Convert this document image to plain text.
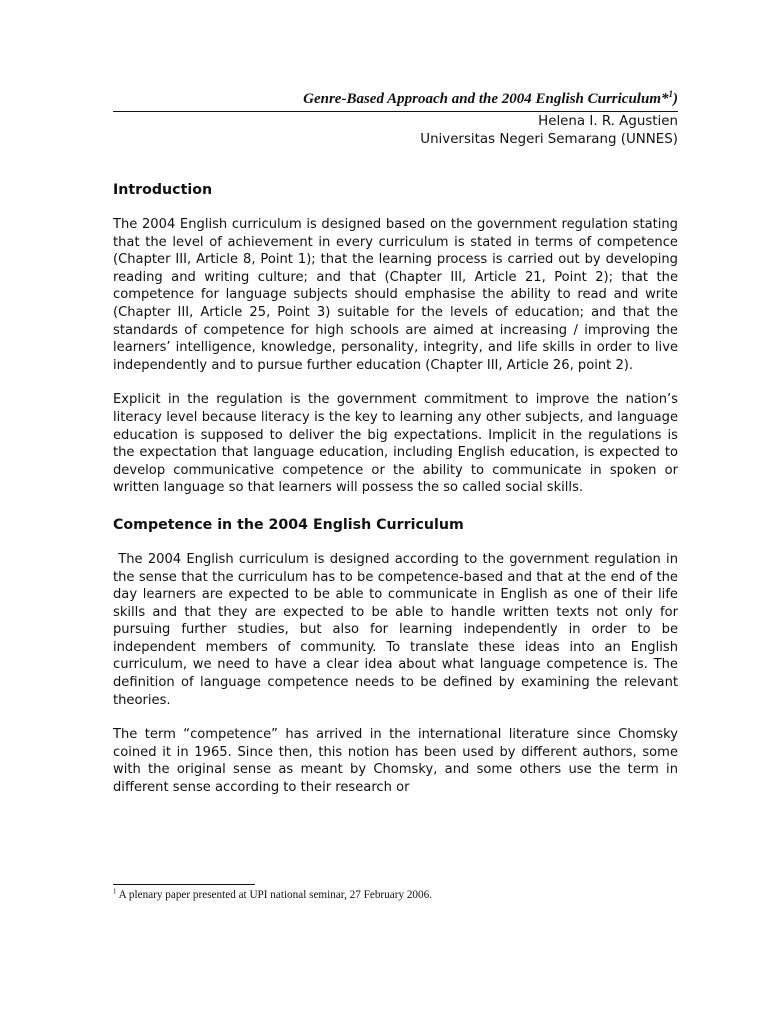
Genre-Based Approach and the 2004 English Curriculum*$^1$)
Helena I. R. Agustien
Universitas Negeri Semarang (UNNES)
Introduction

The 2004 English curriculum is designed based on the government regulation stating that the level of achievement in every curriculum is stated in terms of competence (Chapter III, Article 8, Point 1); that the learning process is carried out by developing reading and writing culture; and that (Chapter III, Article 21, Point 2); that the competence for language subjects should emphasise the ability to read and write (Chapter III, Article 25, Point 3) suitable for the levels of education; and that the standards of competence for high schools are aimed at increasing / improving the learners’ intelligence, knowledge, personality, integrity, and life skills in order to live independently and to pursue further education (Chapter III, Article 26, point 2).

Explicit in the regulation is the government commitment to improve the nation’s literacy level because literacy is the key to learning any other subjects, and language education is supposed to deliver the big expectations. Implicit in the regulations is the expectation that language education, including English education, is expected to develop communicative competence or the ability to communicate in spoken or written language so that learners will possess the so called social skills.

Competence in the 2004 English Curriculum

The 2004 English curriculum is designed according to the government regulation in the sense that the curriculum has to be competence-based and that at the end of the day learners are expected to be able to communicate in English as one of their life skills and that they are expected to be able to handle written texts not only for pursuing further studies, but also for learning independently in order to be independent members of community. To translate these ideas into an English curriculum, we need to have a clear idea about what language competence is. The definition of language competence needs to be defined by examining the relevant theories.

The term “competence” has arrived in the international literature since Chomsky coined it in 1965. Since then, this notion has been used by different authors, some with the original sense as meant by Chomsky, and some others use the term in different sense according to their research or

$^1$ A plenary paper presented at UPI national seminar, 27 February 2006.
